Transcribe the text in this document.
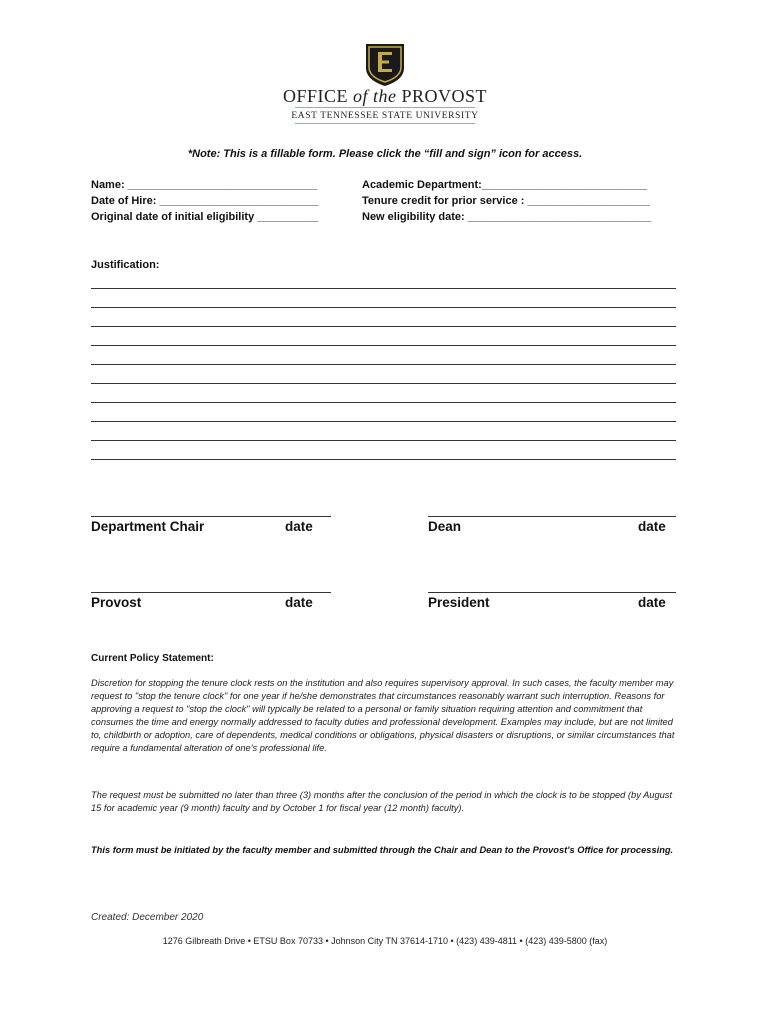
OFFICE of the PROVOST
EAST TENNESSEE STATE UNIVERSITY
*Note: This is a fillable form. Please click the “fill and sign” icon for access.
Name: _______________________________
Date of Hire: __________________________
Original date of initial eligibility __________
Academic Department:___________________________
Tenure credit for prior service : ____________________
New eligibility date: ______________________________
Justification:
Department Chair	date	Dean	date
Provost	date	President	date
Current Policy Statement:
Discretion for stopping the tenure clock rests on the institution and also requires supervisory approval. In such cases, the faculty member may request to "stop the tenure clock" for one year if he/she demonstrates that circumstances reasonably warrant such interruption. Reasons for approving a request to "stop the clock" will typically be related to a personal or family situation requiring attention and commitment that consumes the time and energy normally addressed to faculty duties and professional development. Examples may include, but are not limited to, childbirth or adoption, care of dependents, medical conditions or obligations, physical disasters or disruptions, or similar circumstances that require a fundamental alteration of one's professional life.
The request must be submitted no later than three (3) months after the conclusion of the period in which the clock is to be stopped (by August 15 for academic year (9 month) faculty and by October 1 for fiscal year (12 month) faculty).
This form must be initiated by the faculty member and submitted through the Chair and Dean to the Provost's Office for processing.
Created: December 2020
1276 Gilbreath Drive • ETSU Box 70733 • Johnson City TN 37614-1710 • (423) 439-4811 • (423) 439-5800 (fax)
